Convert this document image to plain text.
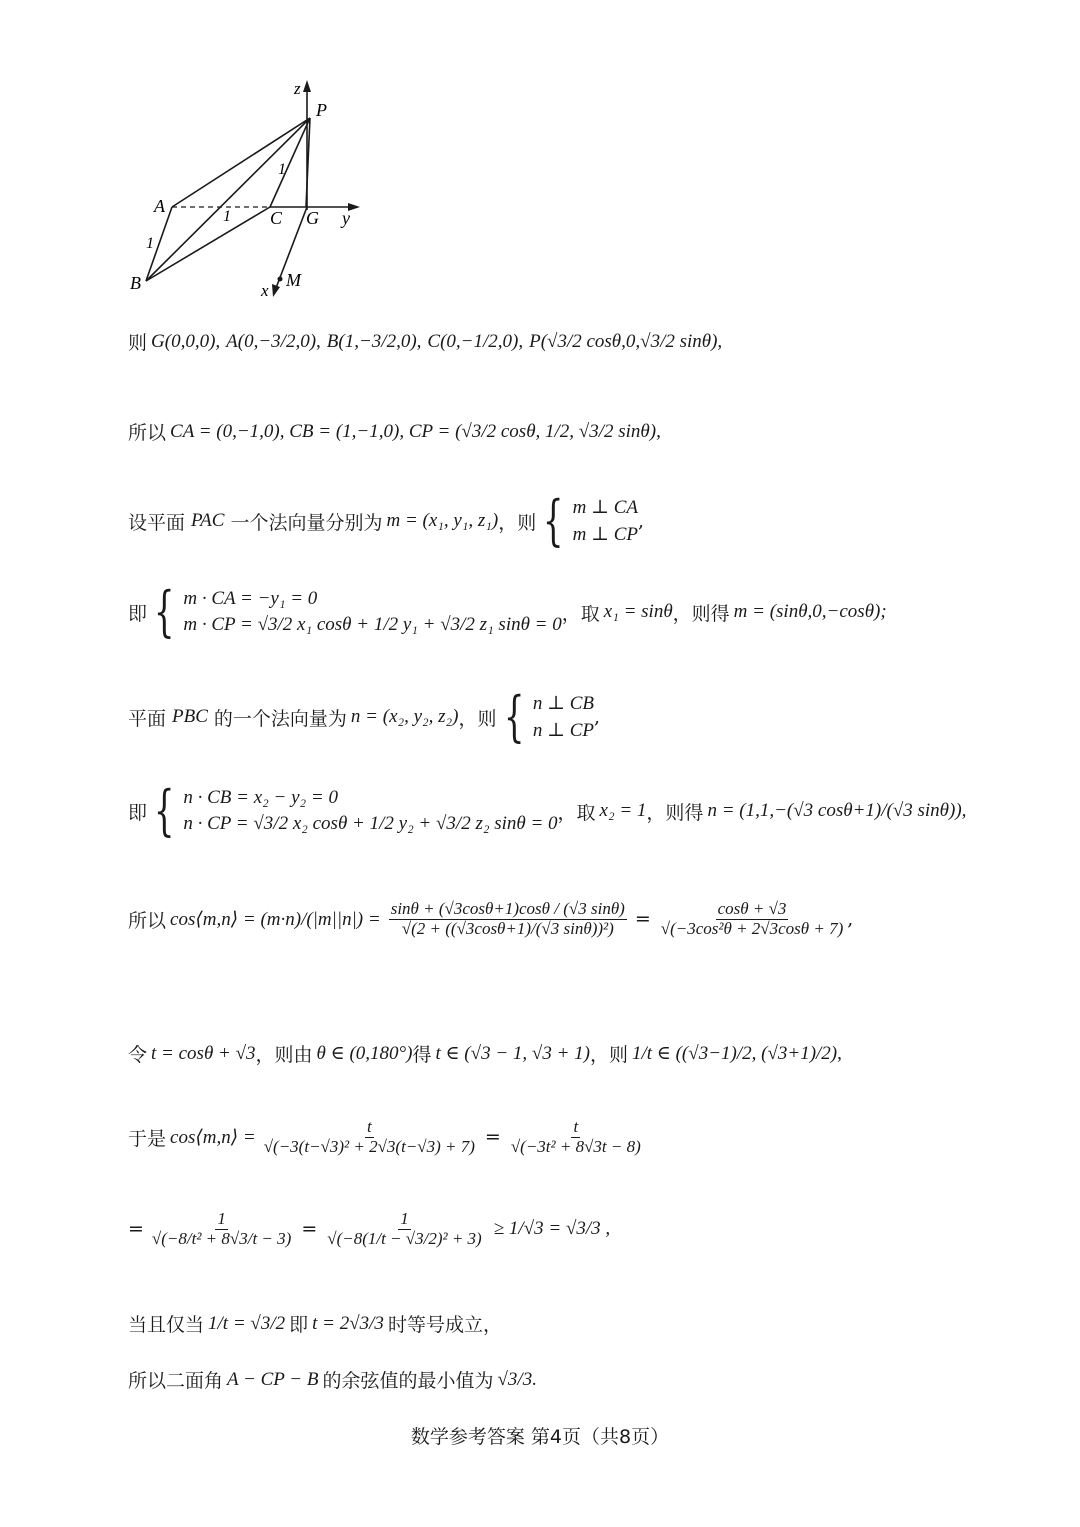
z
P
A
B
C G y
x
M
1
1
1
则 G(0,0,0), A(0,−3/2,0), B(1,−3/2,0), C(0,−1/2,0), P(√3/2 cosθ,0,√3/2 sinθ),
所以 CA = (0,−1,0), CB = (1,−1,0), CP = (√3/2 cosθ, 1/2, √3/2 sinθ),
设平面 PAC 一个法向量分别为 m = (x₁, y₁, z₁) ，则 { m ⊥ CA
m ⊥ CP
,
即 { m · CA = −y₁ = 0
m · CP = √3/2 x₁ cosθ + 1/2 y₁ + √3/2 z₁ sinθ = 0 ，取 x₁ = sinθ ，则得 m = (sinθ,0,−cosθ);
平面 PBC 的一个法向量为 n = (x₂, y₂, z₂) ，则 { n ⊥ CB
n ⊥ CP
,
即 { n · CB = x₂ − y₂ = 0
n · CP = √3/2 x₂ cosθ + 1/2 y₂ + √3/2 z₂ sinθ = 0 ，取 x₂ = 1 ，则得 n = (1,1,−(√3 cosθ+1)/(√3 sinθ)),
所以 cos⟨m,n⟩ = $(m\cdot n)/(|m||n|) = \frac{\sin\theta + (√3\cos\theta+1)\cos\theta / (√3 \sin\theta)}{\text{√(2 + ((√3cosθ+1)/(√3 sinθ))²)}} = \frac{\cos\theta + √3}{\text{√(−3cos²θ + 2√3cosθ + 7)}}$ ,
令 t = cosθ + √3 ，则由 θ ∈ (0,180°) 得 t ∈ (√3 − 1, √3 + 1) ，则 1/t ∈ ((√3−1)/2, (√3+1)/2),
于是 cos⟨m,n⟩ = $\frac{t}{\text{√(−3(t−√3)² + 2√3(t−√3) + 7)}} = \frac{t}{\text{√(−3t² + 8√3t − 8)}}$
= $\frac{1}{\text{√(−8/t² + 8√3/t − 3)}} = \frac{1}{\text{√(−8(1/t − √3/2)² + 3)}} \ge 1/√3 = √3/3$ ,
当且仅当 1/t = √3/2 即 t = 2√3/3 时等号成立，
所以二面角 A − CP − B 的余弦值的最小值为 √3/3.
数学参考答案 第4页（共8页）
